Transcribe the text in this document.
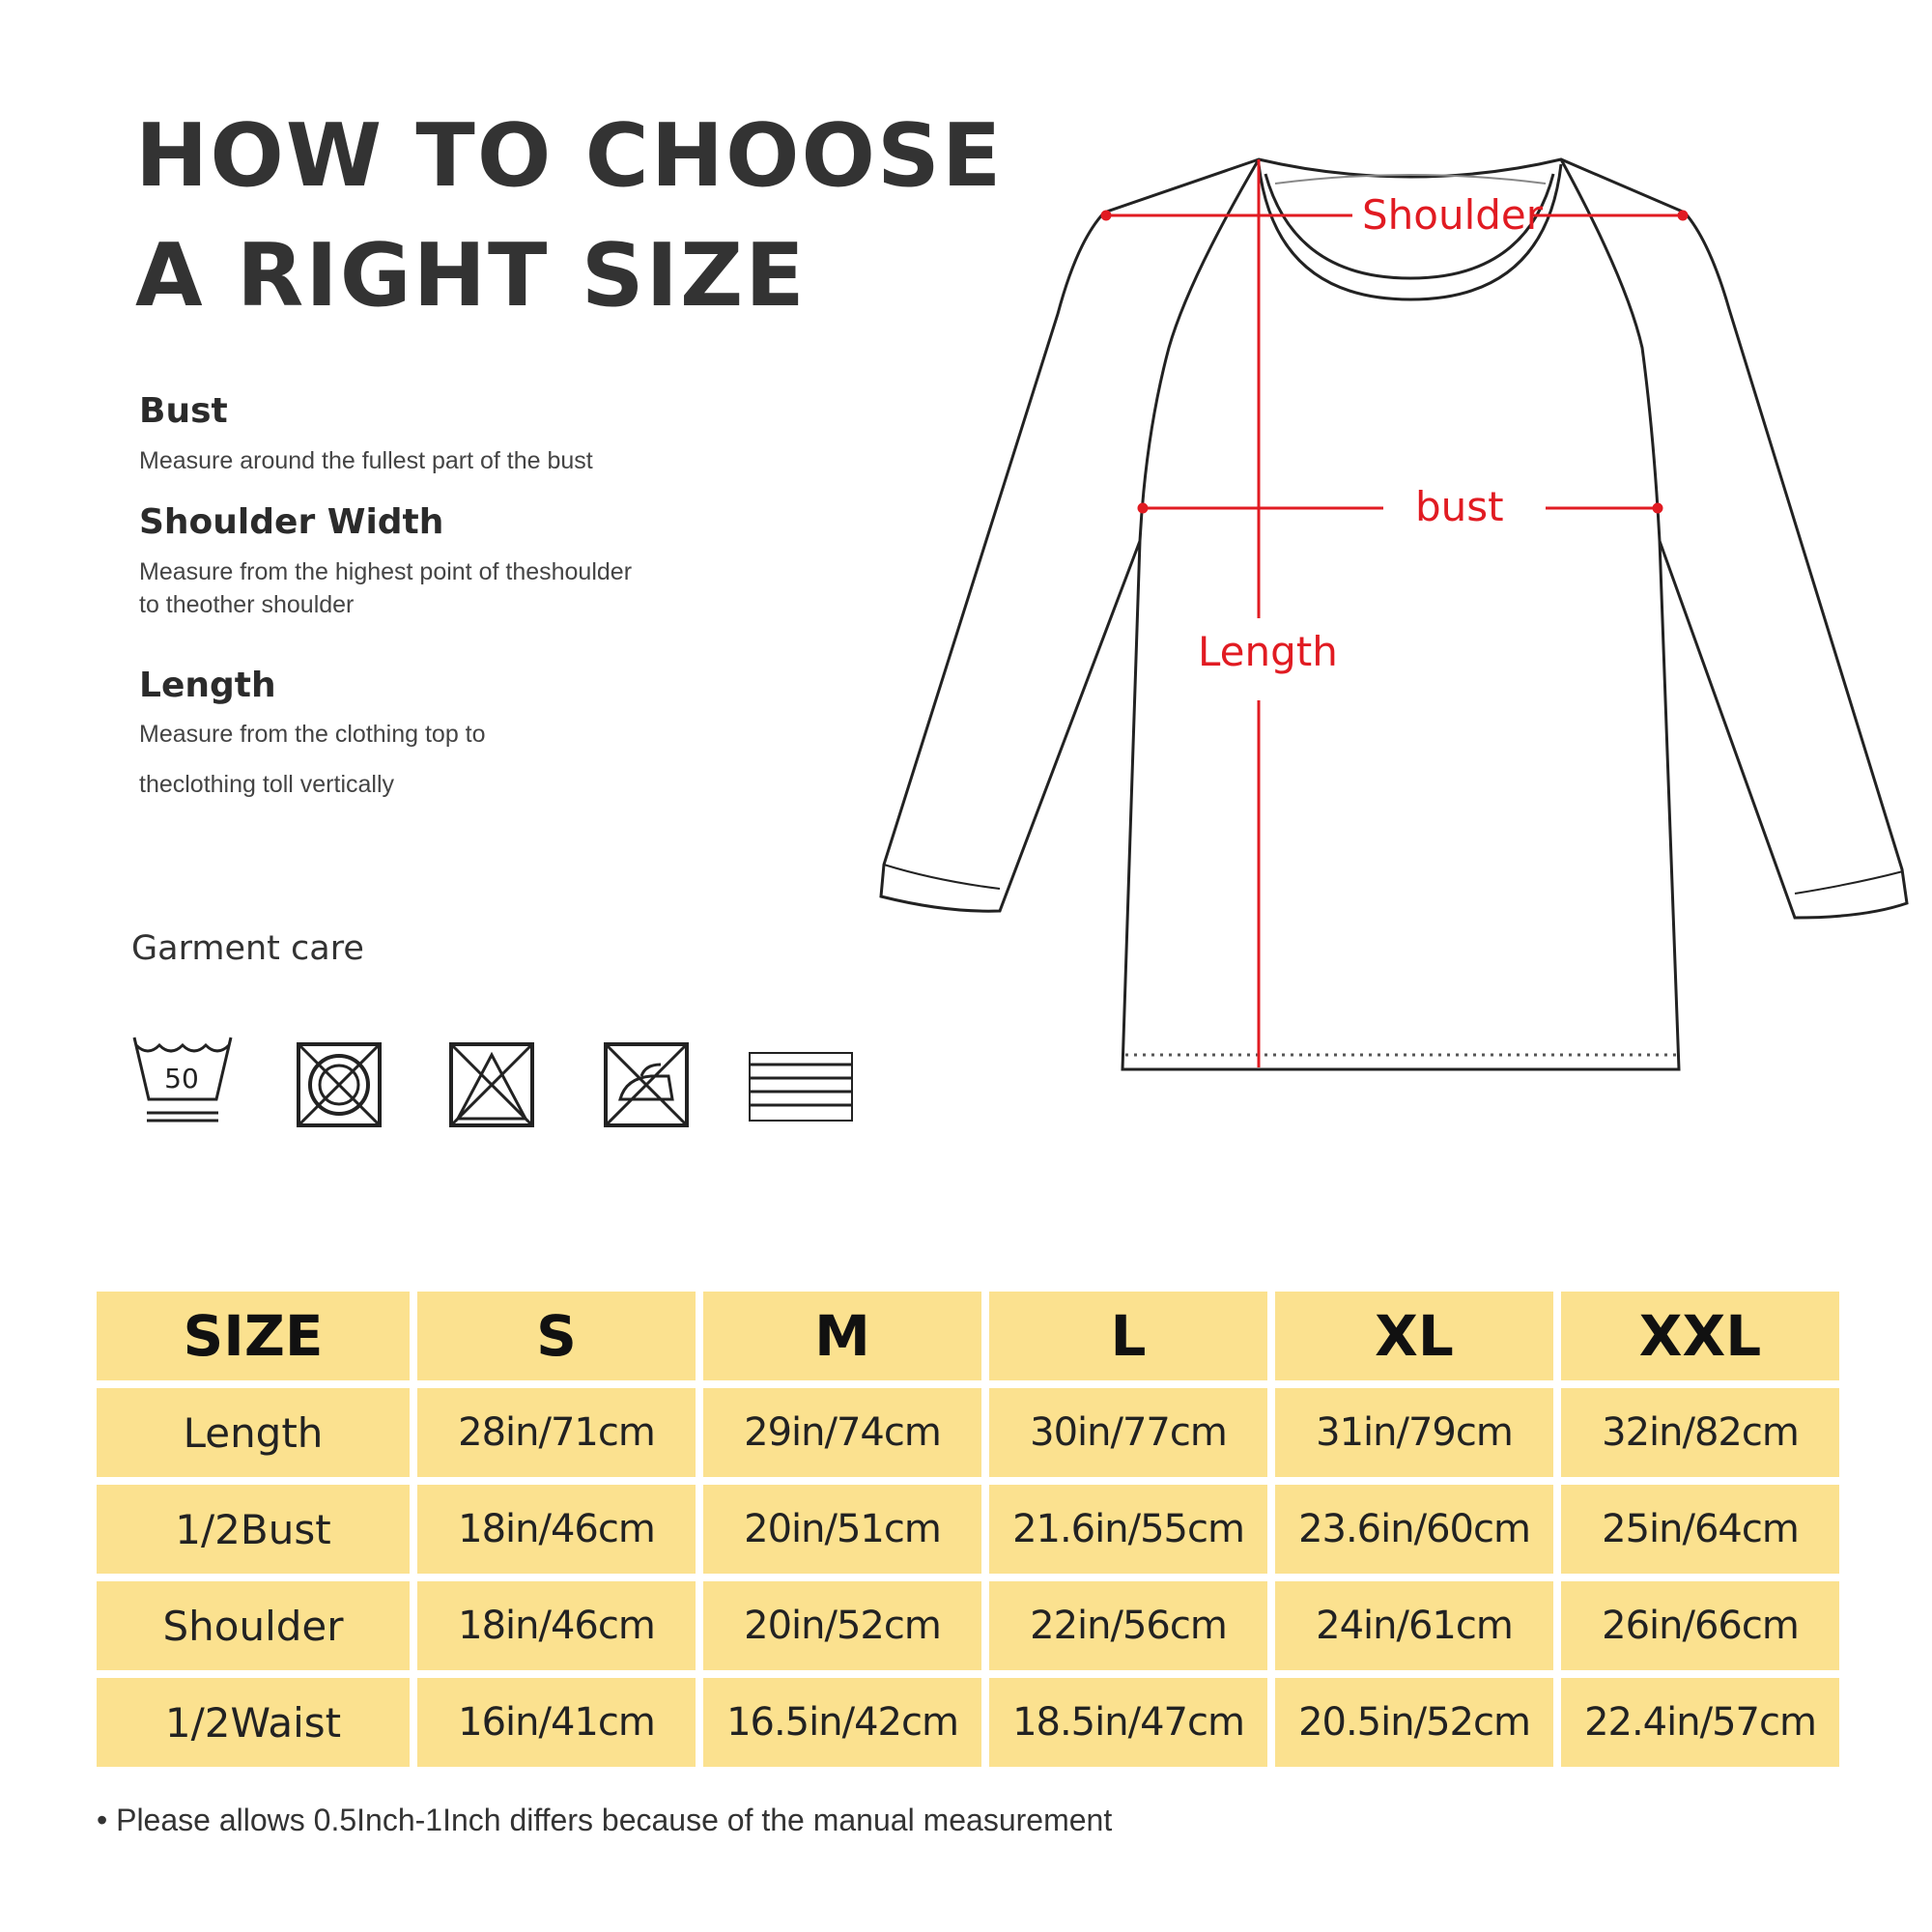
HOW TO CHOOSE
A RIGHT SIZE
Bust
Measure around the fullest part of the bust
Shoulder Width
Measure from the highest point of theshoulder
to theother shoulder
Length
Measure from the clothing top to
theclothing toll vertically
Garment care
50
Shoulder
bust
Length
SIZE	S	M	L	XL	XXL
Length	28in/71cm	29in/74cm	30in/77cm	31in/79cm	32in/82cm
1/2Bust	18in/46cm	20in/51cm	21.6in/55cm	23.6in/60cm	25in/64cm
Shoulder	18in/46cm	20in/52cm	22in/56cm	24in/61cm	26in/66cm
1/2Waist	16in/41cm	16.5in/42cm	18.5in/47cm	20.5in/52cm	22.4in/57cm
• Please allows 0.5Inch-1Inch differs because of the manual measurement
